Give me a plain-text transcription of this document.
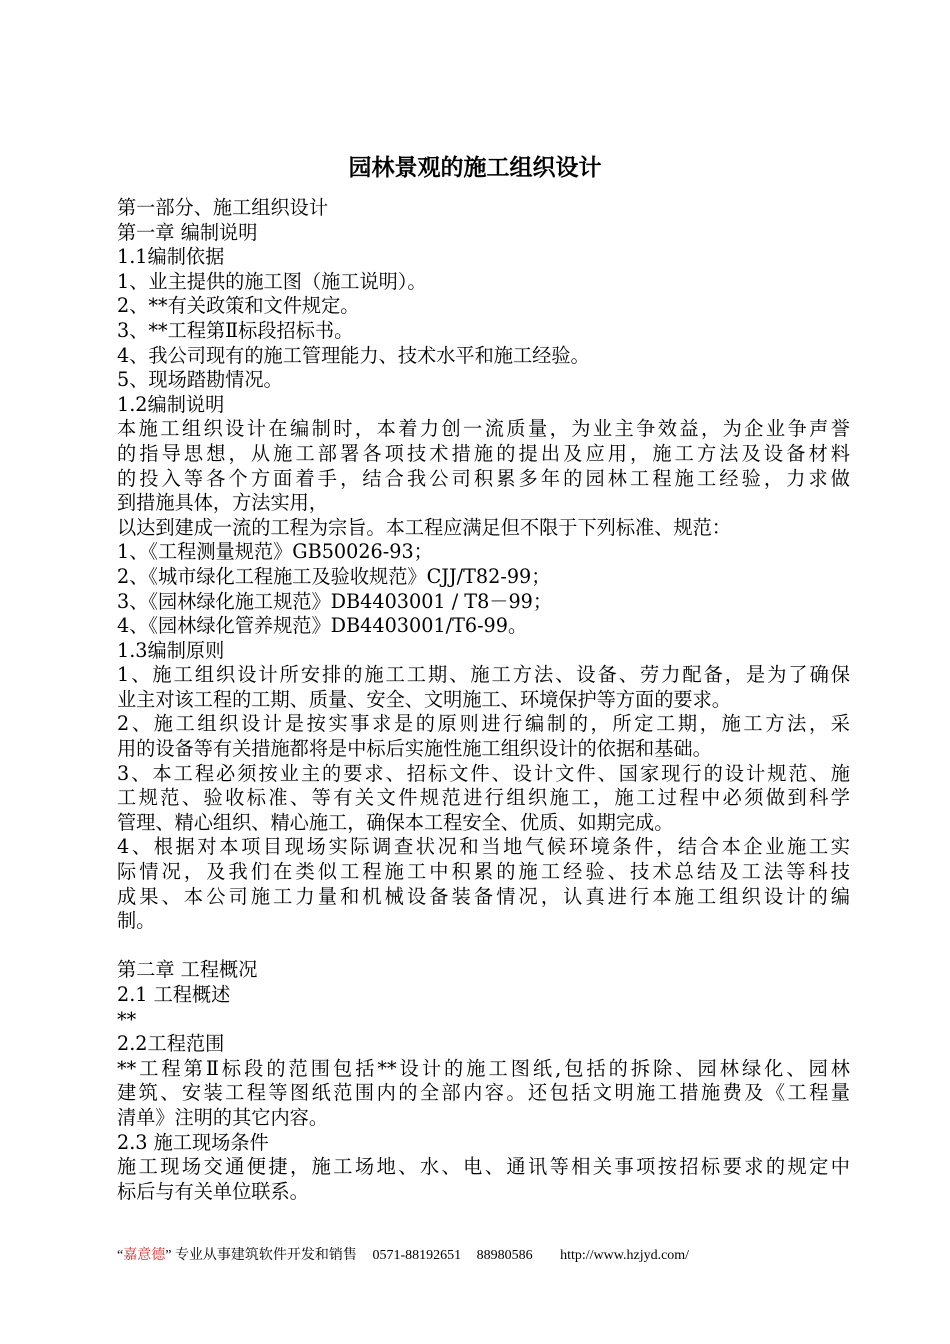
园林景观的施工组织设计
第一部分、施工组织设计
第一章 编制说明
1.1编制依据
1、业主提供的施工图（施工说明）。
2、**有关政策和文件规定。
3、**工程第Ⅱ标段招标书。
4、我公司现有的施工管理能力、技术水平和施工经验。
5、现场踏勘情况。
1.2编制说明
本施工组织设计在编制时，本着力创一流质量，为业主争效益，为企业争声誉
的指导思想，从施工部署各项技术措施的提出及应用，施工方法及设备材料
的投入等各个方面着手，结合我公司积累多年的园林工程施工经验，力求做
到措施具体，方法实用，
以达到建成一流的工程为宗旨。本工程应满足但不限于下列标准、规范：
1、《工程测量规范》GB50026-93；
2、《城市绿化工程施工及验收规范》CJJ/T82-99；
3、《园林绿化施工规范》DB4403001 / T8－99；
4、《园林绿化管养规范》DB4403001/T6-99。
1.3编制原则
1、施工组织设计所安排的施工工期、施工方法、设备、劳力配备，是为了确保
业主对该工程的工期、质量、安全、文明施工、环境保护等方面的要求。
2、施工组织设计是按实事求是的原则进行编制的，所定工期，施工方法，采
用的设备等有关措施都将是中标后实施性施工组织设计的依据和基础。
3、本工程必须按业主的要求、招标文件、设计文件、国家现行的设计规范、施
工规范、验收标准、等有关文件规范进行组织施工，施工过程中必须做到科学
管理、精心组织、精心施工，确保本工程安全、优质、如期完成。
4、根据对本项目现场实际调查状况和当地气候环境条件，结合本企业施工实
际情况，及我们在类似工程施工中积累的施工经验、技术总结及工法等科技
成果、本公司施工力量和机械设备装备情况，认真进行本施工组织设计的编
制。
第二章 工程概况
2.1 工程概述
**
2.2工程范围
**工程第Ⅱ标段的范围包括**设计的施工图纸,包括的拆除、园林绿化、园林
建筑、安装工程等图纸范围内的全部内容。还包括文明施工措施费及《工程量
清单》注明的其它内容。
2.3 施工现场条件
施工现场交通便捷，施工场地、水、电、通讯等相关事项按招标要求的规定中
标后与有关单位联系。
“嘉意德” 专业从事建筑软件开发和销售 0571-88192651 88980586 http://www.hzjyd.com/
